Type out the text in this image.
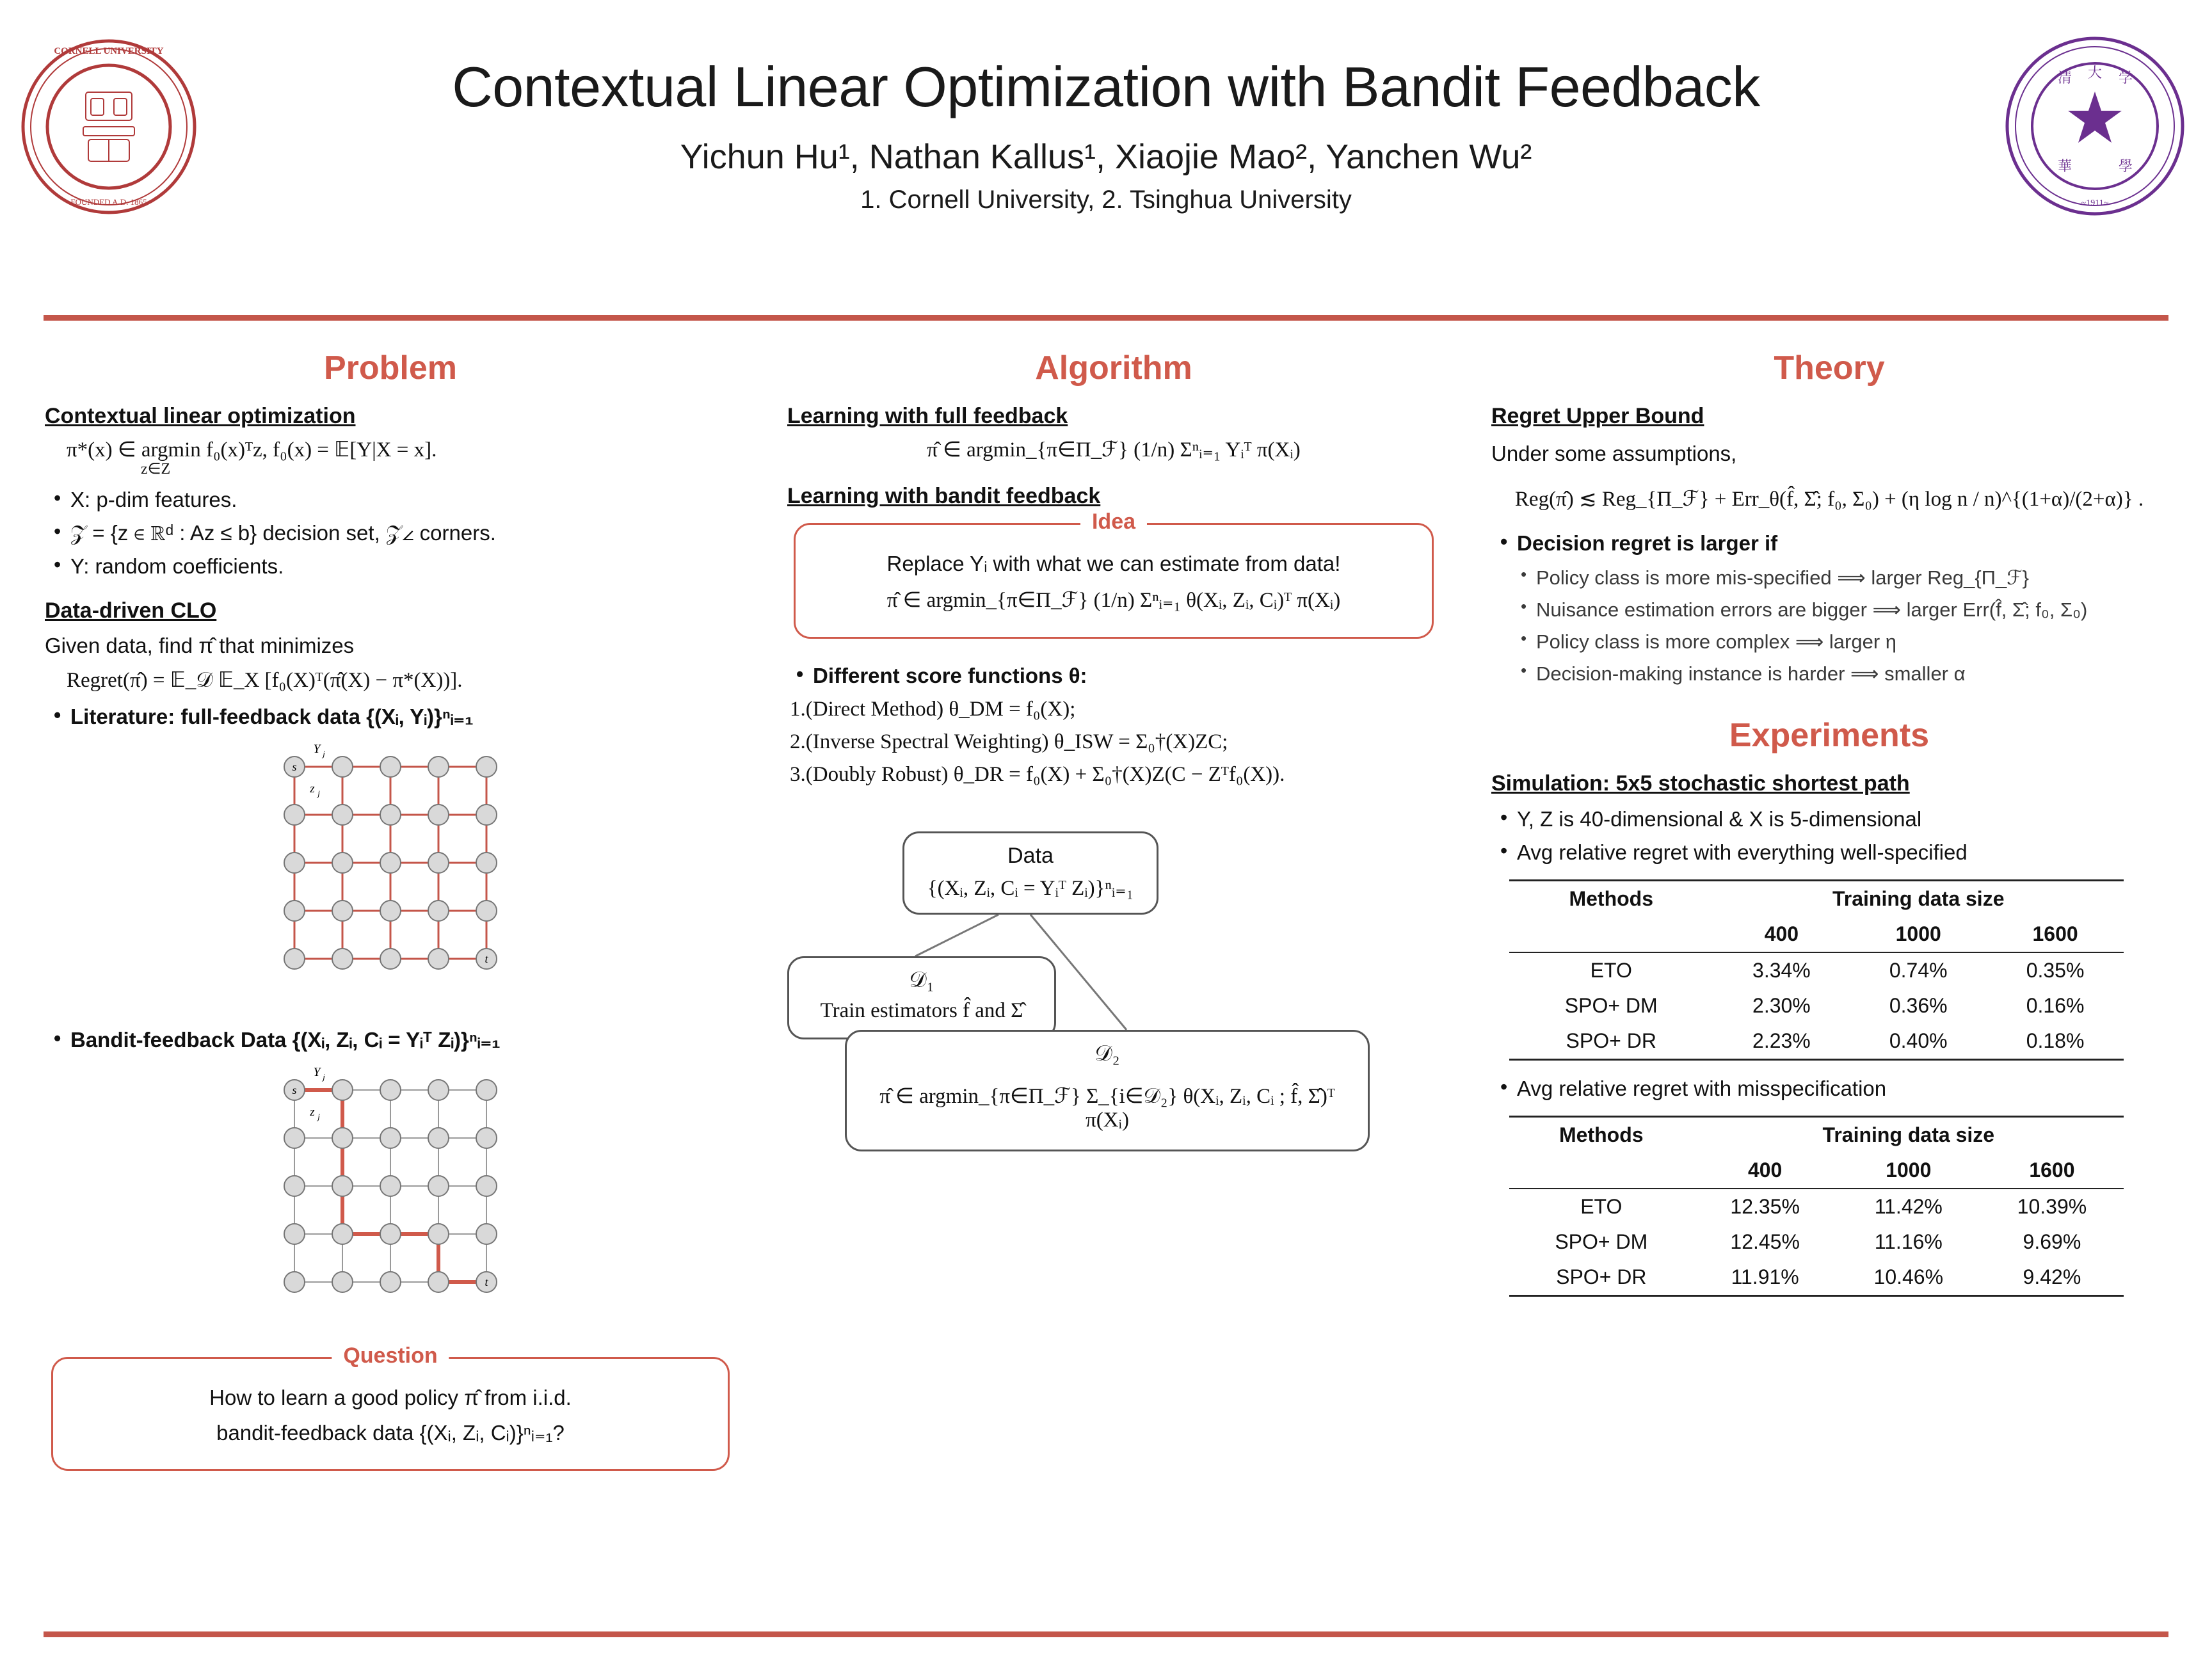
CORNELL UNIVERSITY
FOUNDED A.D. 1865
Contextual Linear Optimization with Bandit Feedback
Yichun Hu¹, Nathan Kallus¹, Xiaojie Mao², Yanchen Wu²
1. Cornell University, 2. Tsinghua University
清 大 学
華	學
~1911~
Problem
Contextual linear optimization
π*(x) ∈ argmin f₀(x)ᵀz, f₀(x) = 𝔼[Y|X = x].
z∈Z
• X: p-dim features.
• 𝒵 = {z ∈ ℝᵈ : Az ≤ b} decision set, 𝒵∠ corners.
• Y: random coefficients.
Data-driven CLO
Given data, find π̂ that minimizes
Regret(π̂) = 𝔼_𝒟 𝔼_X [f₀(X)ᵀ(π̂(X) − π*(X))].
• Literature: full-feedback data {(Xᵢ, Yᵢ)}ⁿᵢ₌₁
s
t
Y j
z j
• Bandit-feedback Data {(Xᵢ, Zᵢ, Cᵢ = Yᵢᵀ Zᵢ)}ⁿᵢ₌₁
s
t
Y j
z j
Question
How to learn a good policy π̂ from i.i.d.
bandit-feedback data {(Xᵢ, Zᵢ, Cᵢ)}ⁿᵢ₌₁?
Algorithm
Learning with full feedback
π̂ ∈ argmin_{π∈Π_ℱ} (1/n) Σⁿᵢ₌₁ Yᵢᵀ π(Xᵢ)
Learning with bandit feedback
Idea
Replace Yᵢ with what we can estimate from data!
π̂ ∈ argmin_{π∈Π_ℱ} (1/n) Σⁿᵢ₌₁ θ(Xᵢ, Zᵢ, Cᵢ)ᵀ π(Xᵢ)
• Different score functions θ:
1.(Direct Method) θ_DM = f₀(X);
2.(Inverse Spectral Weighting) θ_ISW = Σ₀†(X)ZC;
3.(Doubly Robust) θ_DR = f₀(X) + Σ₀†(X)Z(C − Zᵀf₀(X)).
Data
{(Xᵢ, Zᵢ, Cᵢ = Yᵢᵀ Zᵢ)}ⁿᵢ₌₁
𝒟₁
Train estimators f̂ and Σ̂
𝒟₂
π̂ ∈ argmin_{π∈Π_ℱ} Σ_{i∈𝒟₂} θ(Xᵢ, Zᵢ, Cᵢ ; f̂, Σ̂)ᵀ π(Xᵢ)
Theory
Regret Upper Bound
Under some assumptions,
Reg(π̂) ≲ Reg_{Π_ℱ} + Err_θ(f̂, Σ̂; f₀, Σ₀) + (η log n / n)^{(1+α)/(2+α)} .
• Decision regret is larger if
• Policy class is more mis-specified ⟹ larger Reg_{Π_ℱ}
• Nuisance estimation errors are bigger ⟹ larger Err(f̂, Σ̂; f₀, Σ₀)
• Policy class is more complex ⟹ larger η
• Decision-making instance is harder ⟹ smaller α
Experiments
Simulation: 5x5 stochastic shortest path
• Y, Z is 40-dimensional & X is 5-dimensional
• Avg relative regret with everything well-specified
Methods	Training data size		
	400	1000	1600
ETO	3.34%	0.74%	0.35%
SPO+ DM	2.30%	0.36%	0.16%
SPO+ DR	2.23%	0.40%	0.18%
• Avg relative regret with misspecification
Methods	Training data size		
	400	1000	1600
ETO	12.35%	11.42%	10.39%
SPO+ DM	12.45%	11.16%	9.69%
SPO+ DR	11.91%	10.46%	9.42%
